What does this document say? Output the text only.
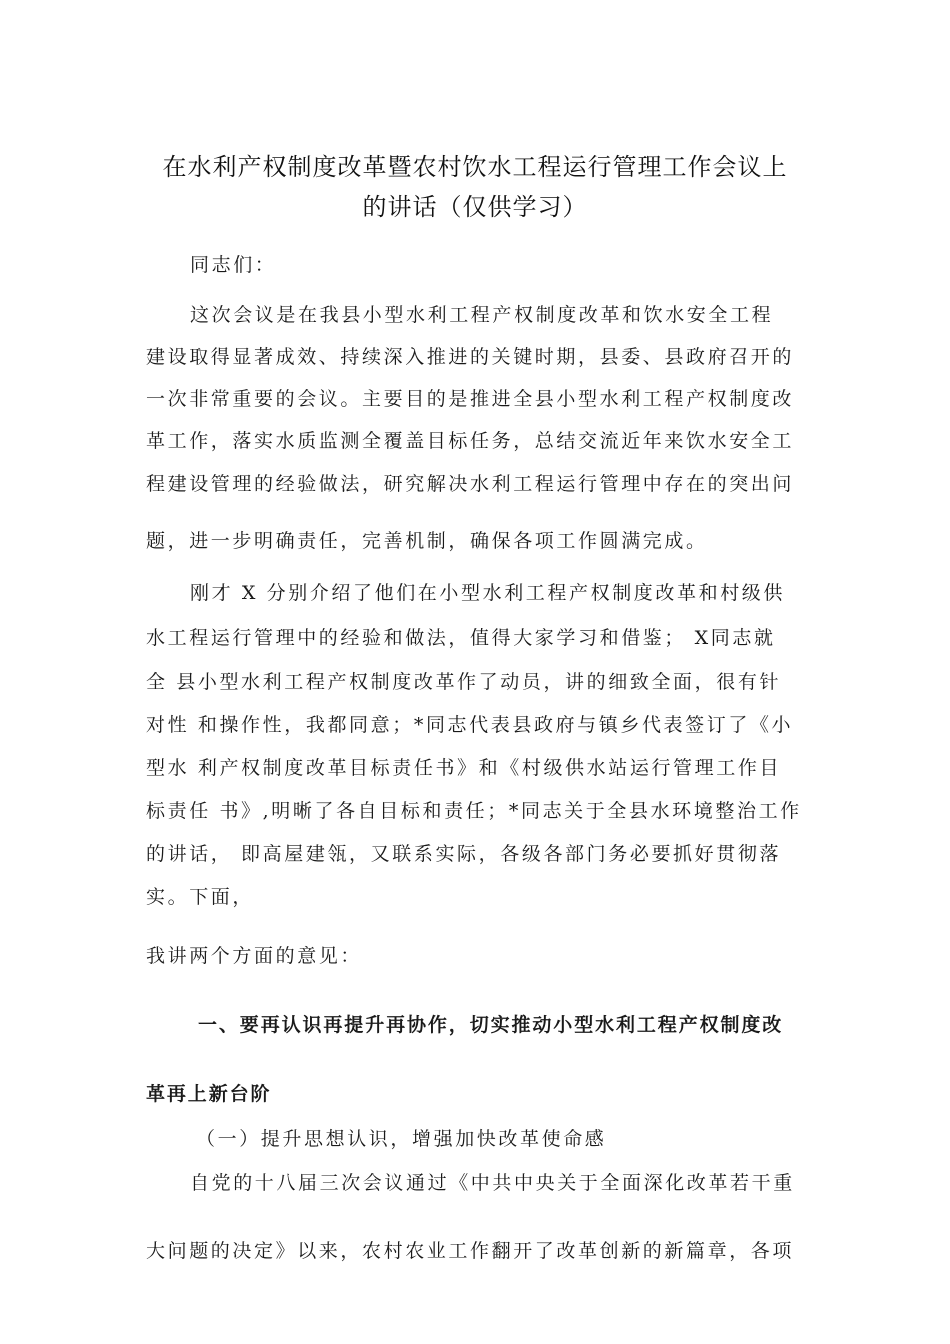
在水利产权制度改革暨农村饮水工程运行管理工作会议上
的讲话（仅供学习）
同志们：
这次会议是在我县小型水利工程产权制度改革和饮水安全工程
建设取得显著成效、持续深入推进的关键时期，县委、县政府召开的
一次非常重要的会议。主要目的是推进全县小型水利工程产权制度改
革工作，落实水质监测全覆盖目标任务，总结交流近年来饮水安全工
程建设管理的经验做法，研究解决水利工程运行管理中存在的突出问
题，进一步明确责任，完善机制，确保各项工作圆满完成。
刚才 X 分别介绍了他们在小型水利工程产权制度改革和村级供
水工程运行管理中的经验和做法，值得大家学习和借鉴； X同志就
全 县小型水利工程产权制度改革作了动员，讲的细致全面，很有针
对性 和操作性，我都同意；*同志代表县政府与镇乡代表签订了《小
型水 利产权制度改革目标责任书》和《村级供水站运行管理工作目
标责任 书》,明晰了各自目标和责任；*同志关于全县水环境整治工作
的讲话， 即高屋建瓴，又联系实际，各级各部门务必要抓好贯彻落
实。下面，
我讲两个方面的意见：
一、要再认识再提升再协作，切实推动小型水利工程产权制度改
革再上新台阶
（一）提升思想认识，增强加快改革使命感
自党的十八届三次会议通过《中共中央关于全面深化改革若干重
大问题的决定》以来，农村农业工作翻开了改革创新的新篇章，各项
